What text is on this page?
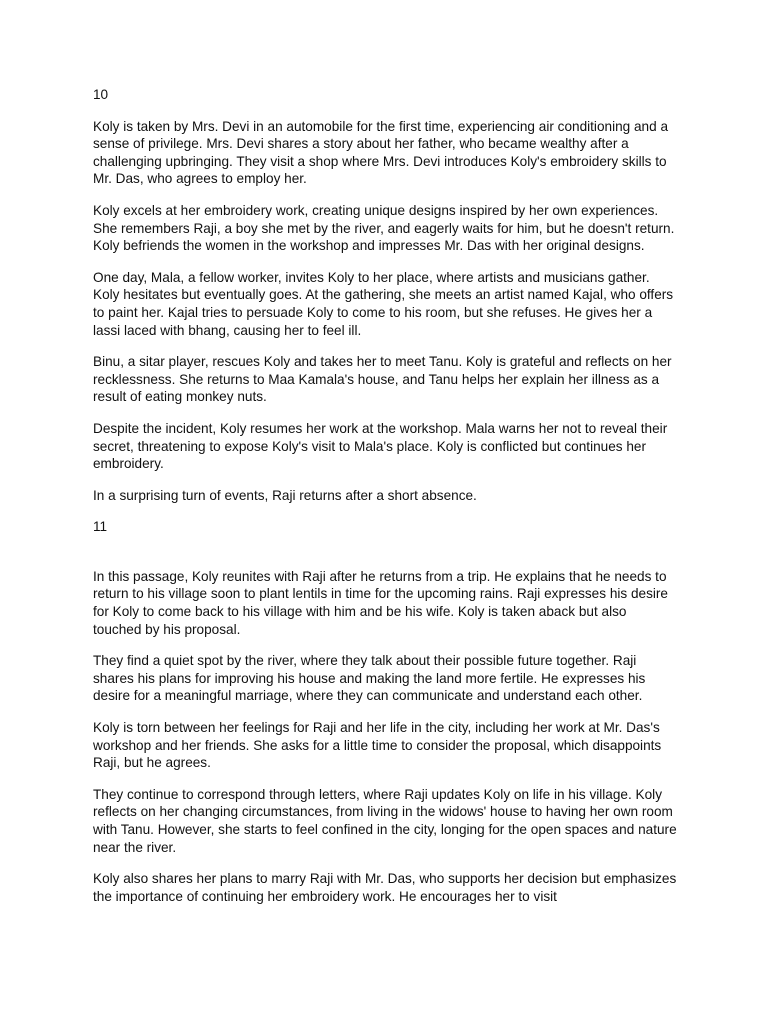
10

Koly is taken by Mrs. Devi in an automobile for the first time, experiencing air conditioning and a sense of privilege. Mrs. Devi shares a story about her father, who became wealthy after a challenging upbringing. They visit a shop where Mrs. Devi introduces Koly's embroidery skills to Mr. Das, who agrees to employ her.

Koly excels at her embroidery work, creating unique designs inspired by her own experiences. She remembers Raji, a boy she met by the river, and eagerly waits for him, but he doesn't return. Koly befriends the women in the workshop and impresses Mr. Das with her original designs.

One day, Mala, a fellow worker, invites Koly to her place, where artists and musicians gather. Koly hesitates but eventually goes. At the gathering, she meets an artist named Kajal, who offers to paint her. Kajal tries to persuade Koly to come to his room, but she refuses. He gives her a lassi laced with bhang, causing her to feel ill.

Binu, a sitar player, rescues Koly and takes her to meet Tanu. Koly is grateful and reflects on her recklessness. She returns to Maa Kamala's house, and Tanu helps her explain her illness as a result of eating monkey nuts.

Despite the incident, Koly resumes her work at the workshop. Mala warns her not to reveal their secret, threatening to expose Koly's visit to Mala's place. Koly is conflicted but continues her embroidery.

In a surprising turn of events, Raji returns after a short absence.

11

In this passage, Koly reunites with Raji after he returns from a trip. He explains that he needs to return to his village soon to plant lentils in time for the upcoming rains. Raji expresses his desire for Koly to come back to his village with him and be his wife. Koly is taken aback but also touched by his proposal.

They find a quiet spot by the river, where they talk about their possible future together. Raji shares his plans for improving his house and making the land more fertile. He expresses his desire for a meaningful marriage, where they can communicate and understand each other.

Koly is torn between her feelings for Raji and her life in the city, including her work at Mr. Das's workshop and her friends. She asks for a little time to consider the proposal, which disappoints Raji, but he agrees.

They continue to correspond through letters, where Raji updates Koly on life in his village. Koly reflects on her changing circumstances, from living in the widows' house to having her own room with Tanu. However, she starts to feel confined in the city, longing for the open spaces and nature near the river.

Koly also shares her plans to marry Raji with Mr. Das, who supports her decision but emphasizes the importance of continuing her embroidery work. He encourages her to visit
